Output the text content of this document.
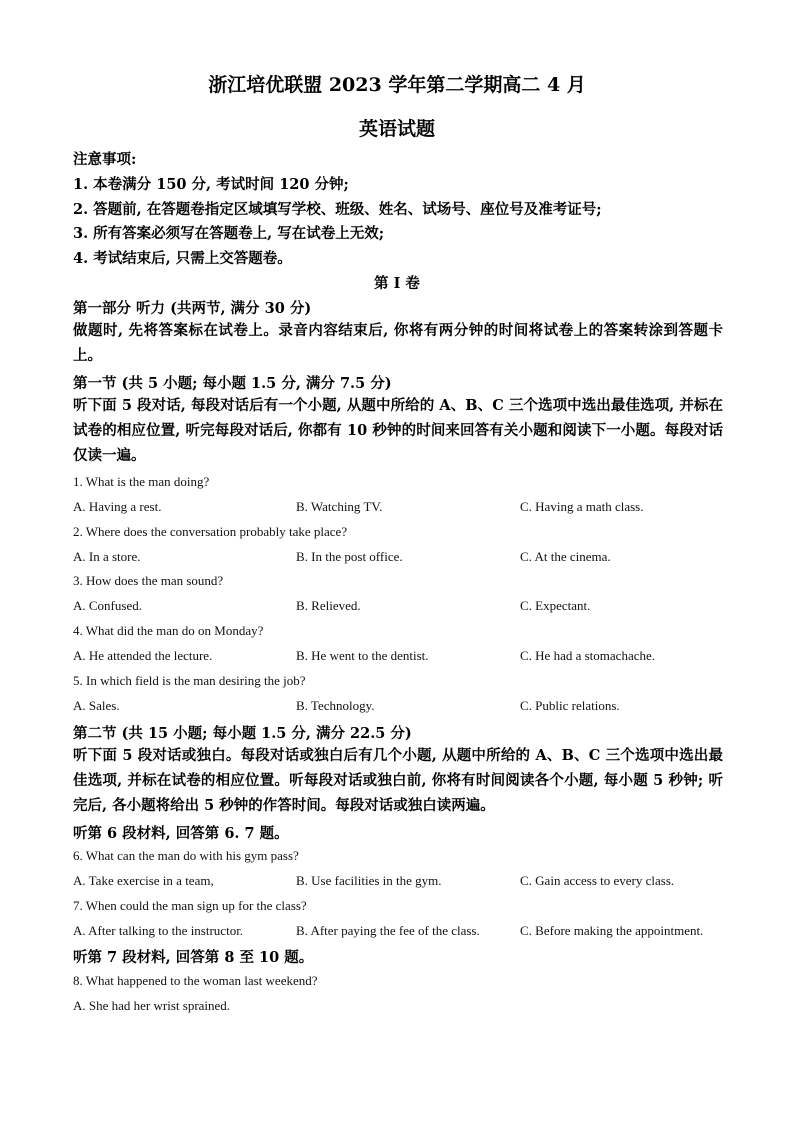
浙江培优联盟 2023 学年第二学期高二 4 月
英语试题
注意事项:
1. 本卷满分 150 分, 考试时间 120 分钟;
2. 答题前, 在答题卷指定区域填写学校、班级、姓名、试场号、座位号及准考证号;
3. 所有答案必须写在答题卷上, 写在试卷上无效;
4. 考试结束后, 只需上交答题卷。
第 I 卷
第一部分 听力 (共两节, 满分 30 分)
做题时, 先将答案标在试卷上。录音内容结束后, 你将有两分钟的时间将试卷上的答案转涂到答题卡上。
第一节 (共 5 小题; 每小题 1.5 分, 满分 7.5 分)
听下面 5 段对话, 每段对话后有一个小题, 从题中所给的 A、B、C 三个选项中选出最佳选项, 并标在试卷的相应位置, 听完每段对话后, 你都有 10 秒钟的时间来回答有关小题和阅读下一小题。每段对话仅读一遍。
1. What is the man doing?
A. Having a rest.	B. Watching TV.	C. Having a math class.
2. Where does the conversation probably take place?
A. In a store.	B. In the post office.	C. At the cinema.
3. How does the man sound?
A. Confused.	B. Relieved.	C. Expectant.
4. What did the man do on Monday?
A. He attended the lecture.	B. He went to the dentist.	C. He had a stomachache.
5. In which field is the man desiring the job?
A. Sales.	B. Technology.	C. Public relations.
第二节 (共 15 小题; 每小题 1.5 分, 满分 22.5 分)
听下面 5 段对话或独白。每段对话或独白后有几个小题, 从题中所给的 A、B、C 三个选项中选出最佳选项, 并标在试卷的相应位置。听每段对话或独白前, 你将有时间阅读各个小题, 每小题 5 秒钟; 听完后, 各小题将给出 5 秒钟的作答时间。每段对话或独白读两遍。
听第 6 段材料, 回答第 6. 7 题。
6. What can the man do with his gym pass?
A. Take exercise in a team,	B. Use facilities in the gym.	C. Gain access to every class.
7. When could the man sign up for the class?
A. After talking to the instructor.	B. After paying the fee of the class.	C. Before making the appointment.
听第 7 段材料, 回答第 8 至 10 题。
8. What happened to the woman last weekend?
A. She had her wrist sprained.
